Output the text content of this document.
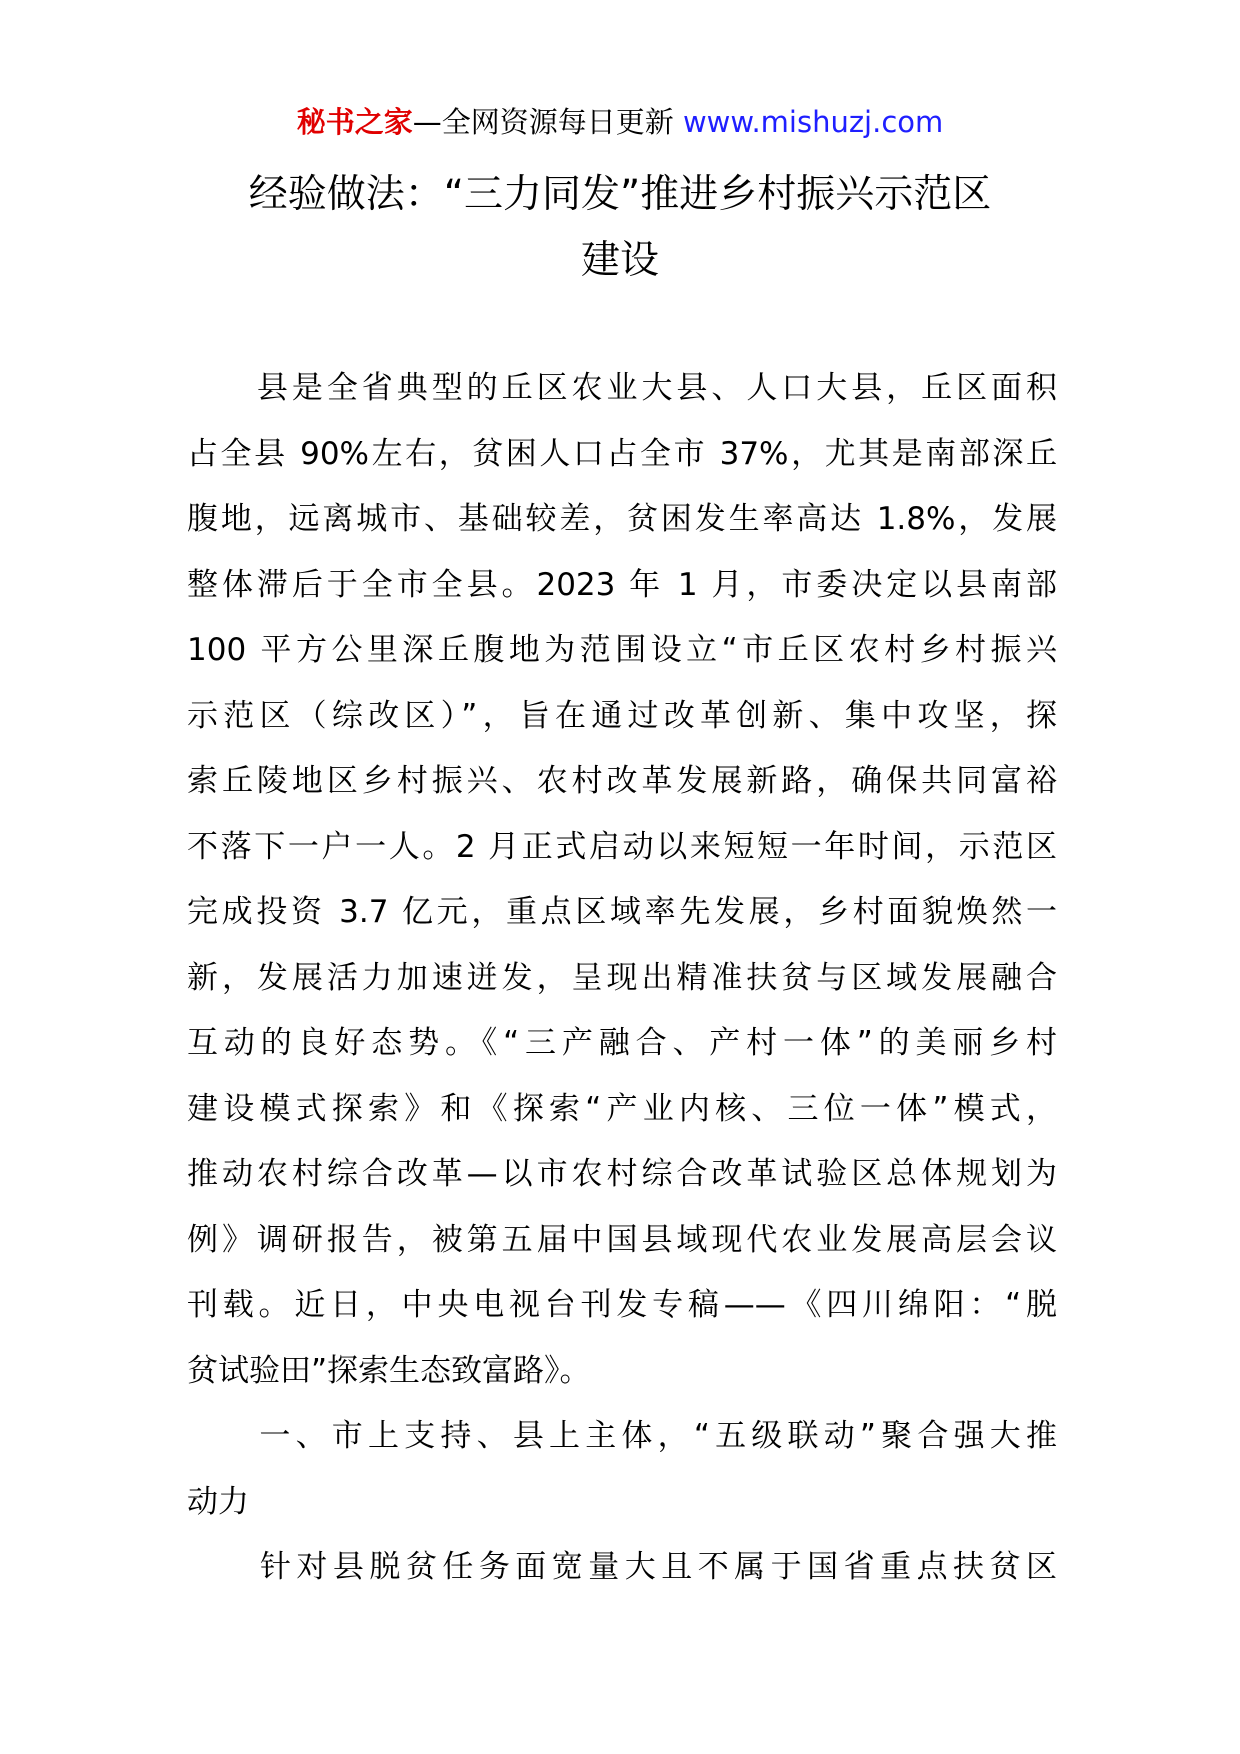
秘书之家—全网资源每日更新 www.mishuzj.com
经验做法：“三力同发”推进乡村振兴示范区
建设
　　县是全省典型的丘区农业大县、人口大县，丘区面积
占全县 90%左右，贫困人口占全市 37%，尤其是南部深丘
腹地，远离城市、基础较差，贫困发生率高达 1.8%，发展
整体滞后于全市全县。2023 年 1 月，市委决定以县南部
100 平方公里深丘腹地为范围设立“市丘区农村乡村振兴
示范区（综改区）”，旨在通过改革创新、集中攻坚，探
索丘陵地区乡村振兴、农村改革发展新路，确保共同富裕
不落下一户一人。2 月正式启动以来短短一年时间，示范区
完成投资 3.7 亿元，重点区域率先发展，乡村面貌焕然一
新，发展活力加速迸发，呈现出精准扶贫与区域发展融合
互动的良好态势。《“三产融合、产村一体”的美丽乡村
建设模式探索》和《探索“产业内核、三位一体”模式，
推动农村综合改革—以市农村综合改革试验区总体规划为
例》调研报告，被第五届中国县域现代农业发展高层会议
刊载。近日，中央电视台刊发专稿——《四川绵阳：“脱
贫试验田”探索生态致富路》。
　　一、市上支持、县上主体，“五级联动”聚合强大推
动力
　　针对县脱贫任务面宽量大且不属于国省重点扶贫区
